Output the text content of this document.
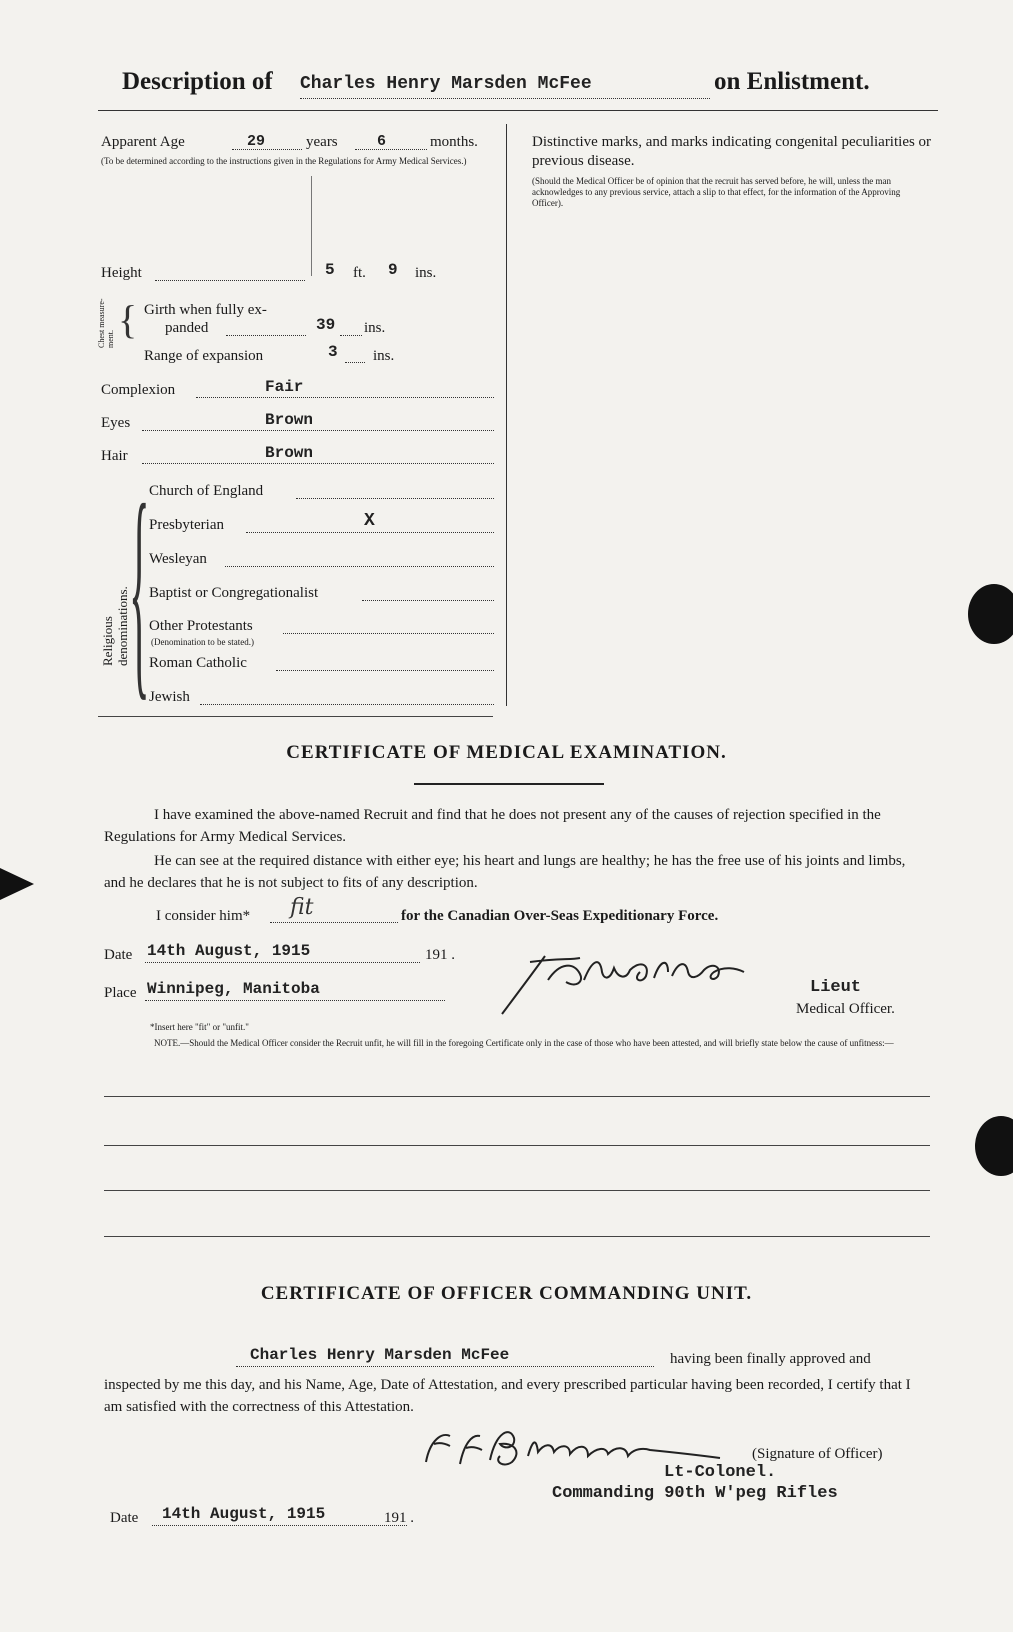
Description of Charles Henry Marsden McFee	on Enlistment.
Apparent Age	29	years	6	months.
(To be determined according to the instructions given in the Regulations for Army Medical Services.)
Height	5 ft. 9 ins.
Chest measure-ment. { Girth when fully ex-
panded	39 ins.
Range of expansion	3 ins.
Complexion	Fair
Eyes	Brown
Hair	Brown
Religious denominations. { Church of England
Presbyterian	X
Wesleyan
Baptist or Congregationalist
Other Protestants
(Denomination to be stated.)
Roman Catholic
Jewish
Distinctive marks, and marks indicating congenital peculiarities or previous disease.
(Should the Medical Officer be of opinion that the recruit has served before, he will, unless the man acknowledges to any previous service, attach a slip to that effect, for the information of the Approving Officer).
CERTIFICATE OF MEDICAL EXAMINATION.
I have examined the above-named Recruit and find that he does not present any of the causes of rejection specified in the Regulations for Army Medical Services.
He can see at the required distance with either eye; his heart and lungs are healthy; he has the free use of his joints and limbs, and he declares that he is not subject to fits of any description.
I consider him* fit	for the Canadian Over-Seas Expeditionary Force.
Date 14th August, 1915	191 .
Place Winnipeg, Manitoba	Lieut
Medical Officer.
*Insert here "fit" or "unfit."
NOTE.—Should the Medical Officer consider the Recruit unfit, he will fill in the foregoing Certificate only in the case of those who have been attested, and will briefly state below the cause of unfitness:—
CERTIFICATE OF OFFICER COMMANDING UNIT.
Charles Henry Marsden McFee	having been finally approved and
inspected by me this day, and his Name, Age, Date of Attestation, and every prescribed particular having been recorded, I certify that I am satisfied with the correctness of this Attestation.
(Signature of Officer)
Lt-Colonel.
Commanding 90th W'peg Rifles
Date 14th August, 1915	191 .
